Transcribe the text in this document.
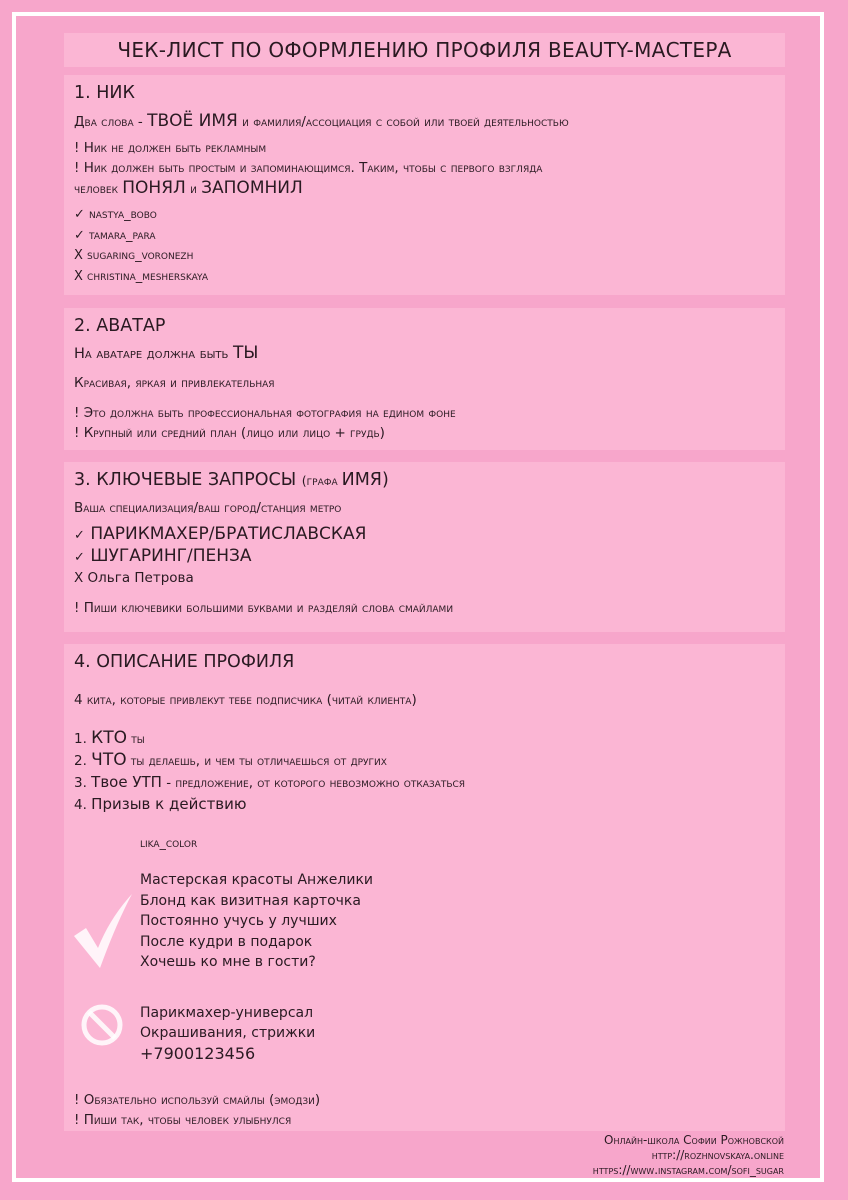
ЧЕК-ЛИСТ ПО ОФОРМЛЕНИЮ ПРОФИЛЯ BEAUTY-МАСТЕРА
1. НИК

Два слова - ТВОЁ ИМЯ и фамилия/ассоциация с собой или твоей деятельностью

! Ник не должен быть рекламным

! Ник должен быть простым и запоминающимся. Таким, чтобы с первого взгляда

человек ПОНЯЛ и ЗАПОМНИЛ

✓ nastya_bobo
✓ tamara_para
X sugaring_voronezh
X christina_mesherskaya
2. АВАТАР

На аватаре должна быть ТЫ

Красивая, яркая и привлекательная

! Это должна быть профессиональная фотография на едином фоне

! Крупный или средний план (лицо или лицо + грудь)

3. КЛЮЧЕВЫЕ ЗАПРОСЫ (графа ИМЯ)

Ваша специализация/ваш город/станция метро

✓ ПАРИКМАХЕР/БРАТИСЛАВСКАЯ

✓ ШУГАРИНГ/ПЕНЗА

X Ольга Петрова

! Пиши ключевики большими буквами и разделяй слова смайлами

4. ОПИСАНИЕ ПРОФИЛЯ

4 кита, которые привлекут тебе подписчика (читай клиента)

1. КТО ты
2. ЧТО ты делаешь, и чем ты отличаешься от других
3. Твое УТП - предложение, от которого невозможно отказаться
4. Призыв к действию

lika_color

Мастерская красоты Анжелики
Блонд как визитная карточка
Постоянно учусь у лучших
После кудри в подарок
Хочешь ко мне в гости?
Парикмахер-универсал
Окрашивания, стрижки
+7900123456

! Обязательно используй смайлы (эмодзи)

! Пиши так, чтобы человек улыбнулся

Онлайн-школа Софии Рожновской
http://rozhnovskaya.online
https://www.instagram.com/sofi_sugar
